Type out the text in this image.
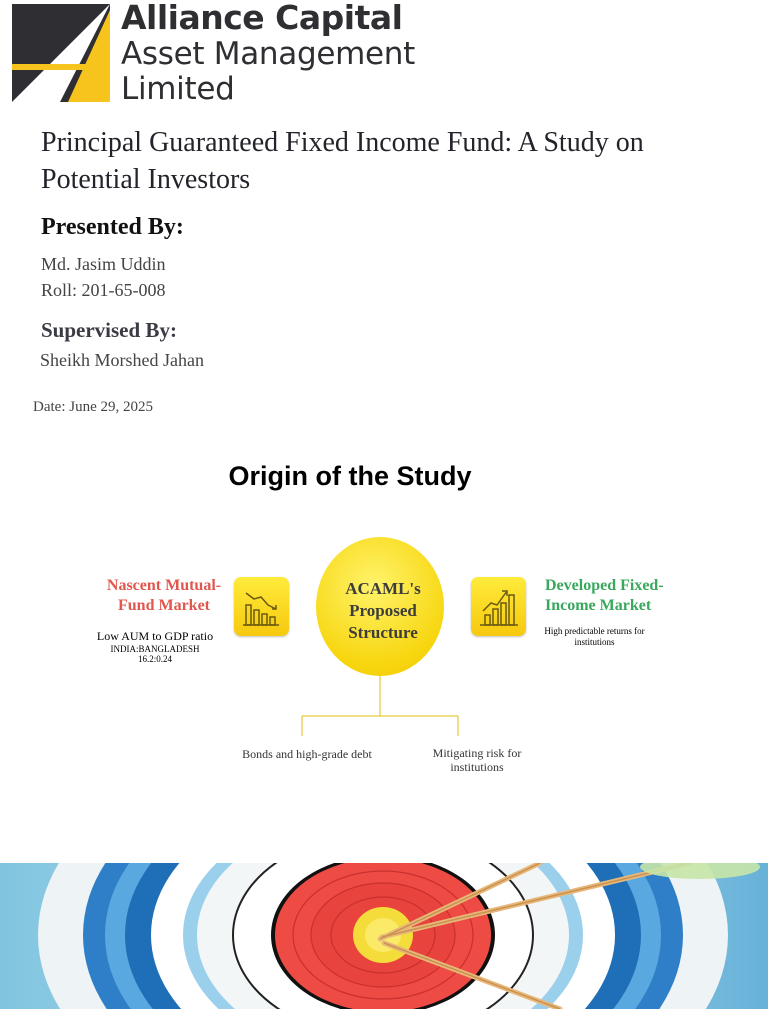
Alliance Capital
Asset Management
Limited
Principal Guaranteed Fixed Income Fund: A Study on Potential Investors
Presented By:
Md. Jasim Uddin
Roll: 201-65-008
Supervised By:
Sheikh Morshed Jahan
Date: June 29, 2025
Origin of the Study
Nascent Mutual-Fund Market
Low AUM to GDP ratio
INDIA:BANGLADESH
16.2:0.24
ACAML's Proposed Structure
Developed Fixed-Income Market
High predictable returns for institutions
Bonds and high-grade debt	Mitigating risk for institutions
